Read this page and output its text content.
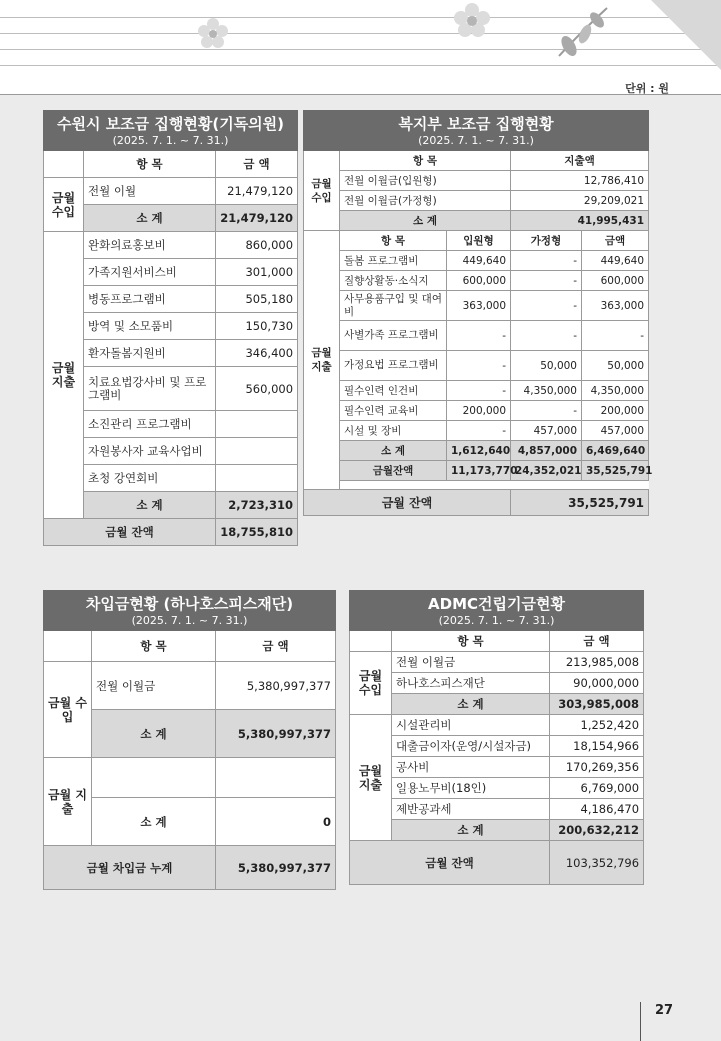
단위 : 원
수원시 보조금 집행현황(기독의원)
(2025. 7. 1. ~ 7. 31.)		

	항 목	금 액
금월 수입	전월 이월	21,479,120
	소 계	21,479,120
금월 지출	완화의료홍보비	860,000
	가족지원서비스비	301,000
	병동프로그램비	505,180
	방역 및 소모품비	150,730
	환자돌봄지원비	346,400
	치료요법강사비 및 프로그램비	560,000
	소진관리 프로그램비	
	자원봉사자 교육사업비	
	초청 강연회비	
	소 계	2,723,310
금월 잔액		18,755,810
복지부 보조금 집행현황
(2025. 7. 1. ~ 7. 31.)				

금월 수입	항 목		지출액	
	전월 이월금(입원형)		12,786,410	
	전월 이월금(가정형)		29,209,021	
	소 계		41,995,431	
금월 지출	항 목	입원형	가정형	금액
	돌봄 프로그램비	449,640	-	449,640
	질향상활동·소식지	600,000	-	600,000
	사무용품구입 및 대여비	363,000	-	363,000
	사별가족 프로그램비	-	-	-
	가정요법 프로그램비	-	50,000	50,000
	필수인력 인건비	-	4,350,000	4,350,000
	필수인력 교육비	200,000	-	200,000
	시설 및 장비	-	457,000	457,000
	소 계	1,612,640	4,857,000	6,469,640
	금월잔액	11,173,770	24,352,021	35,525,791

금월 잔액			35,525,791	
차입금현황 (하나호스피스재단)
(2025. 7. 1. ~ 7. 31.)		

	항 목	금 액
금월 수입	전월 이월금	5,380,997,377
	소 계	5,380,997,377
금월 지출		
	소 계	0
금월 차입금 누계		5,380,997,377
ADMC건립기금현황
(2025. 7. 1. ~ 7. 31.)		

	항 목	금 액
금월 수입	전월 이월금	213,985,008
	하나호스피스재단	90,000,000
	소 계	303,985,008
금월 지출	시설관리비	1,252,420
	대출금이자(운영/시설자금)	18,154,966
	공사비	170,269,356
	일용노무비(18인)	6,769,000
	제반공과세	4,186,470
	소 계	200,632,212
금월 잔액		103,352,796
27
